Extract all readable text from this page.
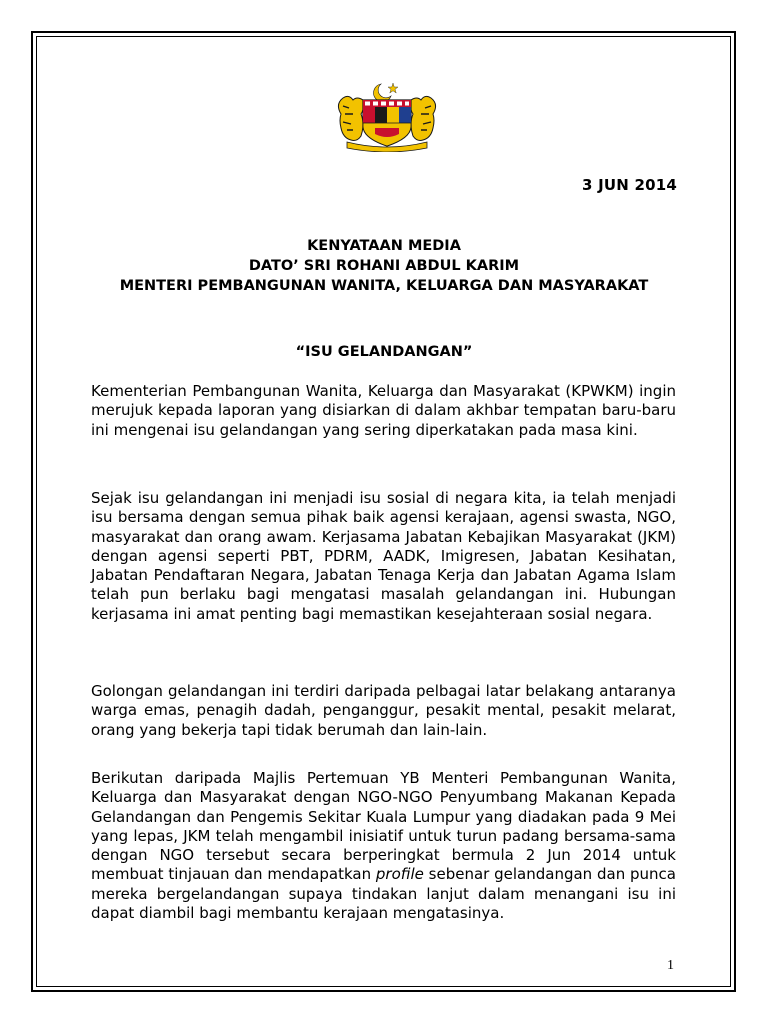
3 JUN 2014
KENYATAAN MEDIA
DATO’ SRI ROHANI ABDUL KARIM
MENTERI PEMBANGUNAN WANITA, KELUARGA DAN MASYARAKAT
“ISU GELANDANGAN”
Kementerian Pembangunan Wanita, Keluarga dan Masyarakat (KPWKM) ingin merujuk kepada laporan yang disiarkan di dalam akhbar tempatan baru-baru ini mengenai isu gelandangan yang sering diperkatakan pada masa kini.
Sejak isu gelandangan ini menjadi isu sosial di negara kita, ia telah menjadi isu bersama dengan semua pihak baik agensi kerajaan, agensi swasta, NGO, masyarakat dan orang awam. Kerjasama Jabatan Kebajikan Masyarakat (JKM) dengan agensi seperti PBT, PDRM, AADK, Imigresen, Jabatan Kesihatan, Jabatan Pendaftaran Negara, Jabatan Tenaga Kerja dan Jabatan Agama Islam telah pun berlaku bagi mengatasi masalah gelandangan ini. Hubungan kerjasama ini amat penting bagi memastikan kesejahteraan sosial negara.
Golongan gelandangan ini terdiri daripada pelbagai latar belakang antaranya warga emas, penagih dadah, penganggur, pesakit mental, pesakit melarat, orang yang bekerja tapi tidak berumah dan lain-lain.
Berikutan daripada Majlis Pertemuan YB Menteri Pembangunan Wanita, Keluarga dan Masyarakat dengan NGO-NGO Penyumbang Makanan Kepada Gelandangan dan Pengemis Sekitar Kuala Lumpur yang diadakan pada 9 Mei yang lepas, JKM telah mengambil inisiatif untuk turun padang bersama-sama dengan NGO tersebut secara berperingkat bermula 2 Jun 2014 untuk membuat tinjauan dan mendapatkan profile sebenar gelandangan dan punca mereka bergelandangan supaya tindakan lanjut dalam menangani isu ini dapat diambil bagi membantu kerajaan mengatasinya.
1
